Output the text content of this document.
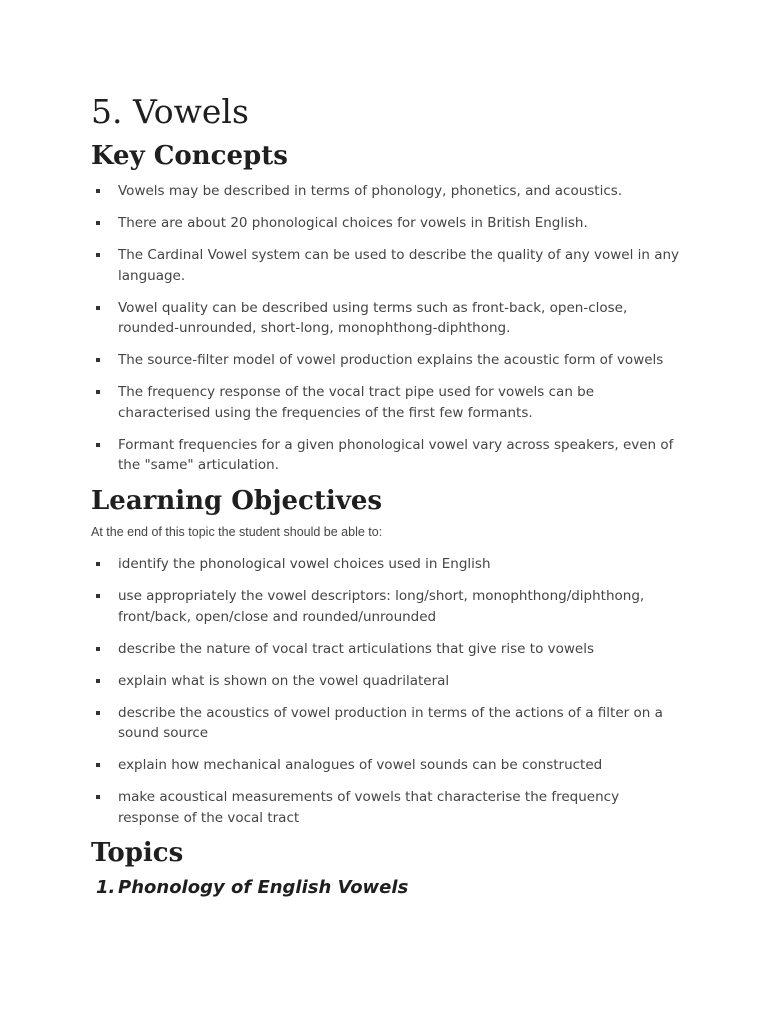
5. Vowels
Key Concepts
Vowels may be described in terms of phonology, phonetics, and acoustics.
There are about 20 phonological choices for vowels in British English.
The Cardinal Vowel system can be used to describe the quality of any vowel in any language.
Vowel quality can be described using terms such as front-back, open-close, rounded-unrounded, short-long, monophthong-diphthong.
The source-filter model of vowel production explains the acoustic form of vowels
The frequency response of the vocal tract pipe used for vowels can be characterised using the frequencies of the first few formants.
Formant frequencies for a given phonological vowel vary across speakers, even of the "same" articulation.
Learning Objectives

At the end of this topic the student should be able to:

identify the phonological vowel choices used in English
use appropriately the vowel descriptors: long/short, monophthong/diphthong, front/back, open/close and rounded/unrounded
describe the nature of vocal tract articulations that give rise to vowels
explain what is shown on the vowel quadrilateral
describe the acoustics of vowel production in terms of the actions of a filter on a sound source
explain how mechanical analogues of vowel sounds can be constructed
make acoustical measurements of vowels that characterise the frequency response of the vocal tract
Topics
1. Phonology of English Vowels
